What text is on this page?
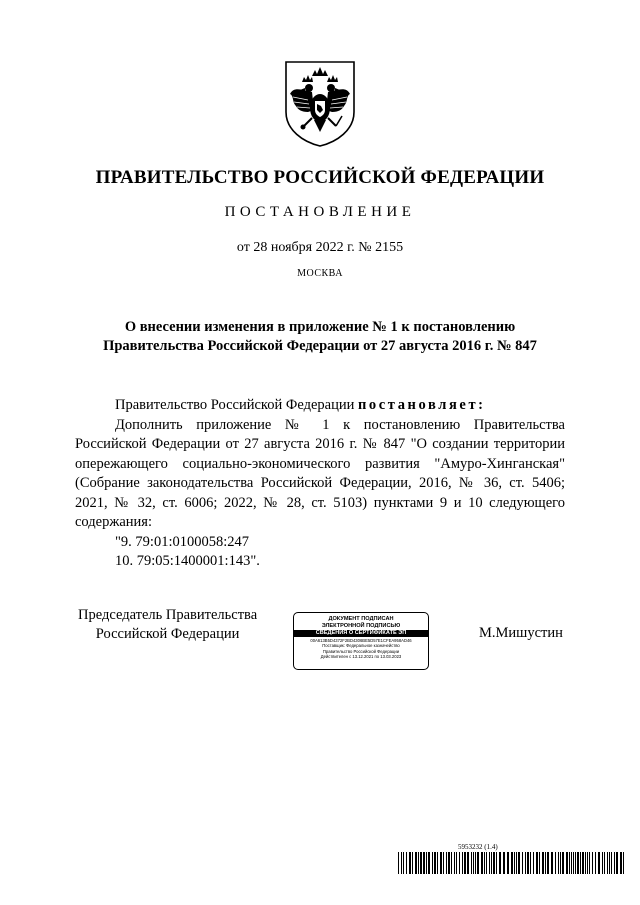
ПРАВИТЕЛЬСТВО РОССИЙСКОЙ ФЕДЕРАЦИИ
ПОСТАНОВЛЕНИЕ
от 28 ноября 2022 г. № 2155
МОСКВА
О внесении изменения в приложение № 1 к постановлению
Правительства Российской Федерации от 27 августа 2016 г. № 847

Правительство Российской Федерации постановляет:

Дополнить приложение № 1 к постановлению Правительства Российской Федерации от 27 августа 2016 г. № 847 "О создании территории опережающего социально-экономического развития "Амуро-Хинганская" (Собрание законодательства Российской Федерации, 2016, № 36, ст. 5406; 2021, № 32, ст. 6006; 2022, № 28, ст. 5103) пунктами 9 и 10 следующего содержания:

"9. 79:01:0100058:247
10. 79:05:1400001:143".
Председатель Правительства
Российской Федерации
ДОКУМЕНТ ПОДПИСАН
ЭЛЕКТРОННОЙ ПОДПИСЬЮ
СВЕДЕНИЯ О СЕРТИФИКАТЕ ЭП
00A613B5D4372F2BD4306BE5D57E1CFEA958AD46
Поставщик: Федеральное казначейство
Правительство Российской Федерации
Действителен с 13.12.2021 по 13.03.2023
М.Мишустин
5953232 (1.4)
